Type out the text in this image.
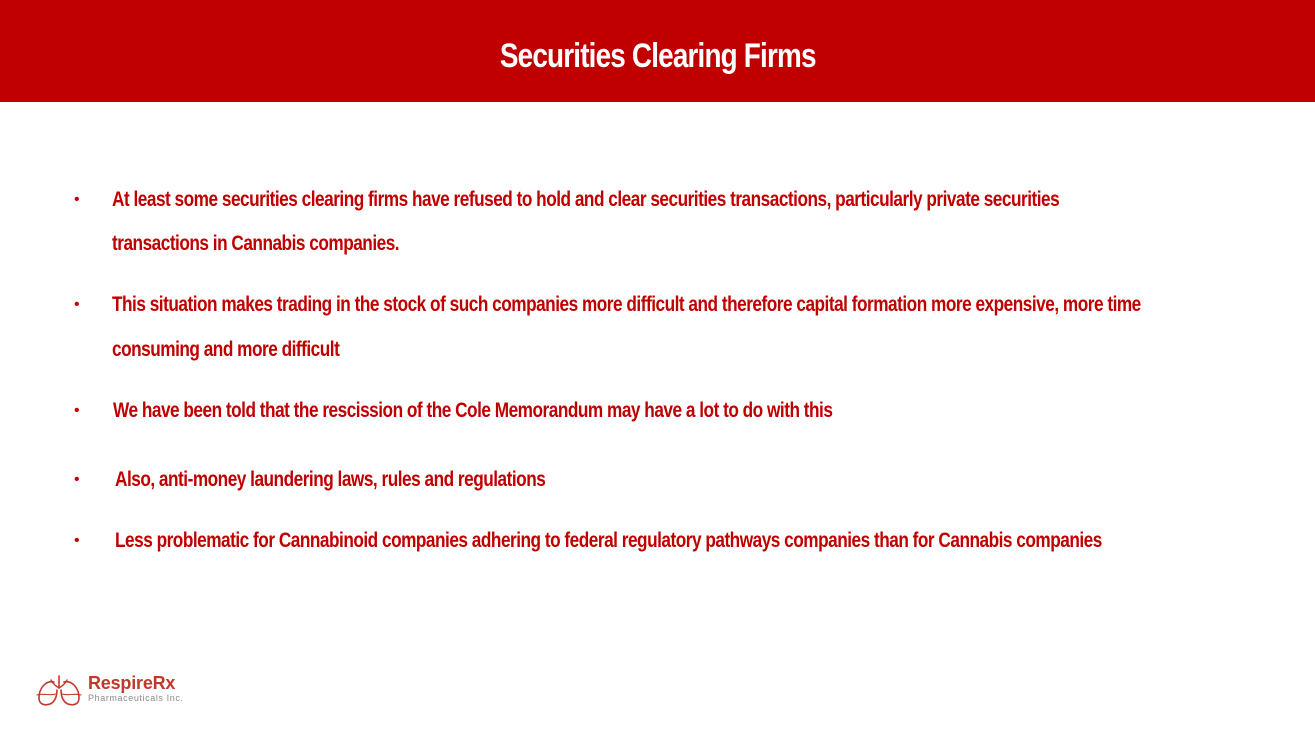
Securities Clearing Firms
• At least some securities clearing firms have refused to hold and clear securities transactions, particularly private securities
transactions in Cannabis companies.
• This situation makes trading in the stock of such companies more difficult and therefore capital formation more expensive, more time
consuming and more difficult
• We have been told that the rescission of the Cole Memorandum may have a lot to do with this
• Also, anti-money laundering laws, rules and regulations
• Less problematic for Cannabinoid companies adhering to federal regulatory pathways companies than for Cannabis companies
RespireRx
Pharmaceuticals Inc.
